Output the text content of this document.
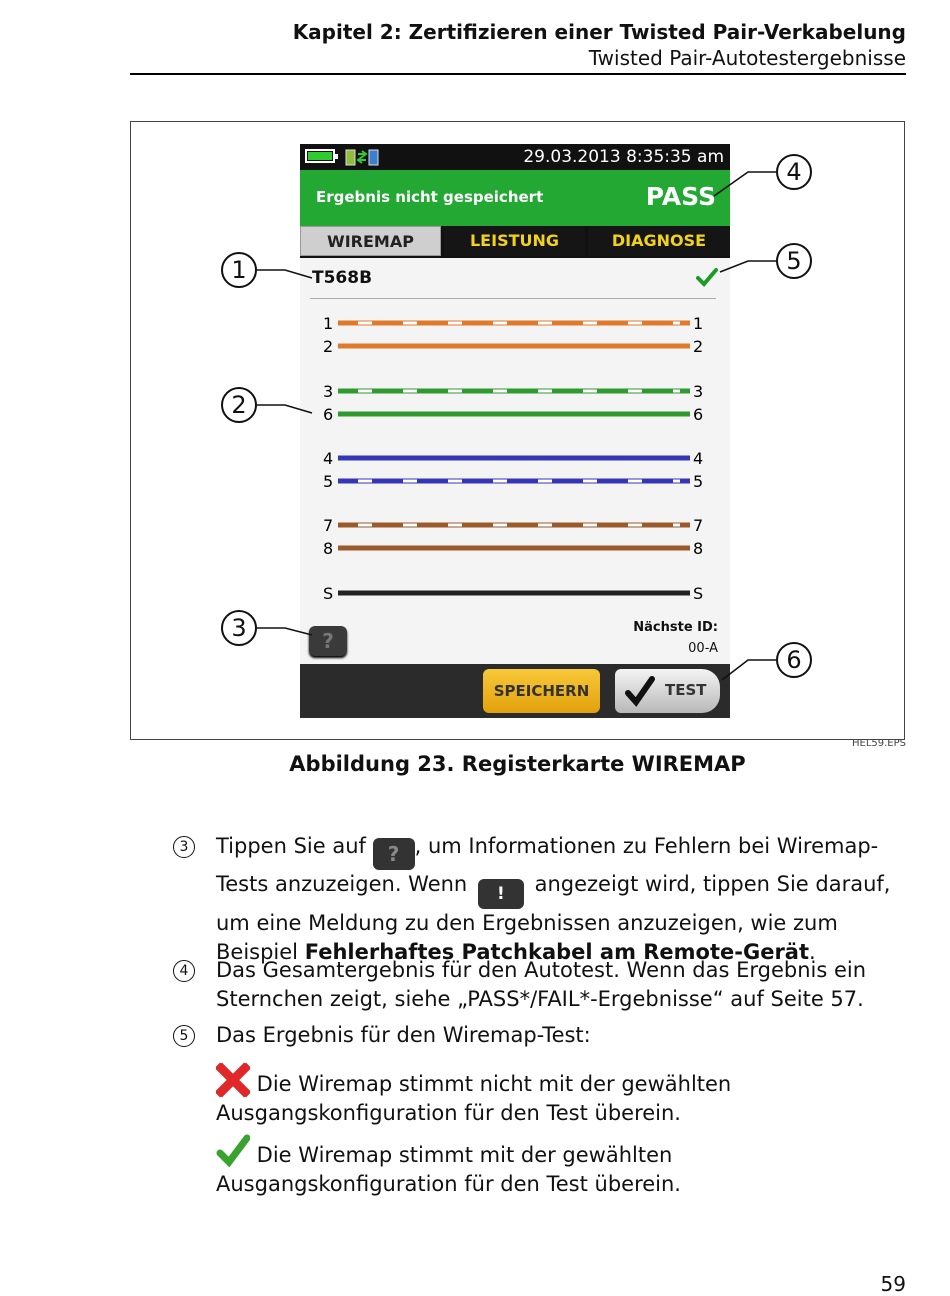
Kapitel 2: Zertifizieren einer Twisted Pair-Verkabelung
Twisted Pair-Autotestergebnisse
29.03.2013 8:35:35 am
Ergebnis nicht gespeichert	PASS
WIREMAP	LEISTUNG	DIAGNOSE
T568B
1	1
2	2
3	3
6	6
4	4
5	5
7	7
8	8
S	S
?
Nächste ID:
00-A
SPEICHERN	TEST
1
2
3
4
5
6
HEL59.EPS
Abbildung 23. Registerkarte WIREMAP
3	Tippen Sie auf ? , um Informationen zu Fehlern bei Wiremap-Tests anzuzeigen. Wenn ! angezeigt wird, tippen Sie darauf, um eine Meldung zu den Ergebnissen anzuzeigen, wie zum Beispiel Fehlerhaftes Patchkabel am Remote-Gerät.
4	Das Gesamtergebnis für den Autotest. Wenn das Ergebnis ein Sternchen zeigt, siehe „PASS*/FAIL*-Ergebnisse“ auf Seite 57.
5	Das Ergebnis für den Wiremap-Test:
Die Wiremap stimmt nicht mit der gewählten Ausgangskonfiguration für den Test überein.
Die Wiremap stimmt mit der gewählten Ausgangskonfiguration für den Test überein.
59
